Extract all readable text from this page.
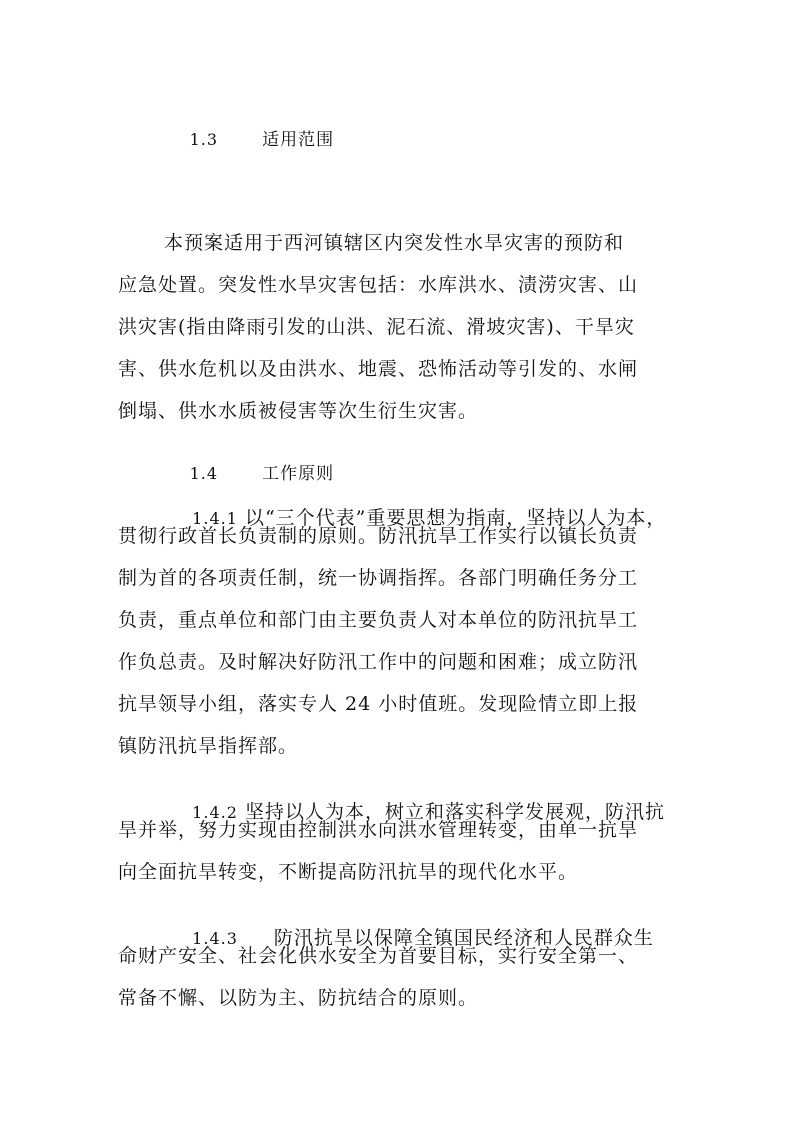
1.3	适用范围

本预案适用于西河镇辖区内突发性水旱灾害的预防和
应急处置。突发性水旱灾害包括：水库洪水、渍涝灾害、山
洪灾害(指由降雨引发的山洪、泥石流、滑坡灾害)、干旱灾
害、供水危机以及由洪水、地震、恐怖活动等引发的、水闸
倒塌、供水水质被侵害等次生衍生灾害。

1.4	工作原则

1.4.1 以“三个代表”重要思想为指南，坚持以人为本，

贯彻行政首长负责制的原则。防汛抗旱工作实行以镇长负责
制为首的各项责任制，统一协调指挥。各部门明确任务分工
负责，重点单位和部门由主要负责人对本单位的防汛抗旱工
作负总责。及时解决好防汛工作中的问题和困难；成立防汛
抗旱领导小组，落实专人 24 小时值班。发现险情立即上报
镇防汛抗旱指挥部。

1.4.2 坚持以人为本，树立和落实科学发展观，防汛抗

旱并举，努力实现由控制洪水向洪水管理转变，由单一抗旱
向全面抗旱转变，不断提高防汛抗旱的现代化水平。

1.4.3 防汛抗旱以保障全镇国民经济和人民群众生

命财产安全、社会化供水安全为首要目标，实行安全第一、
常备不懈、以防为主、防抗结合的原则。
